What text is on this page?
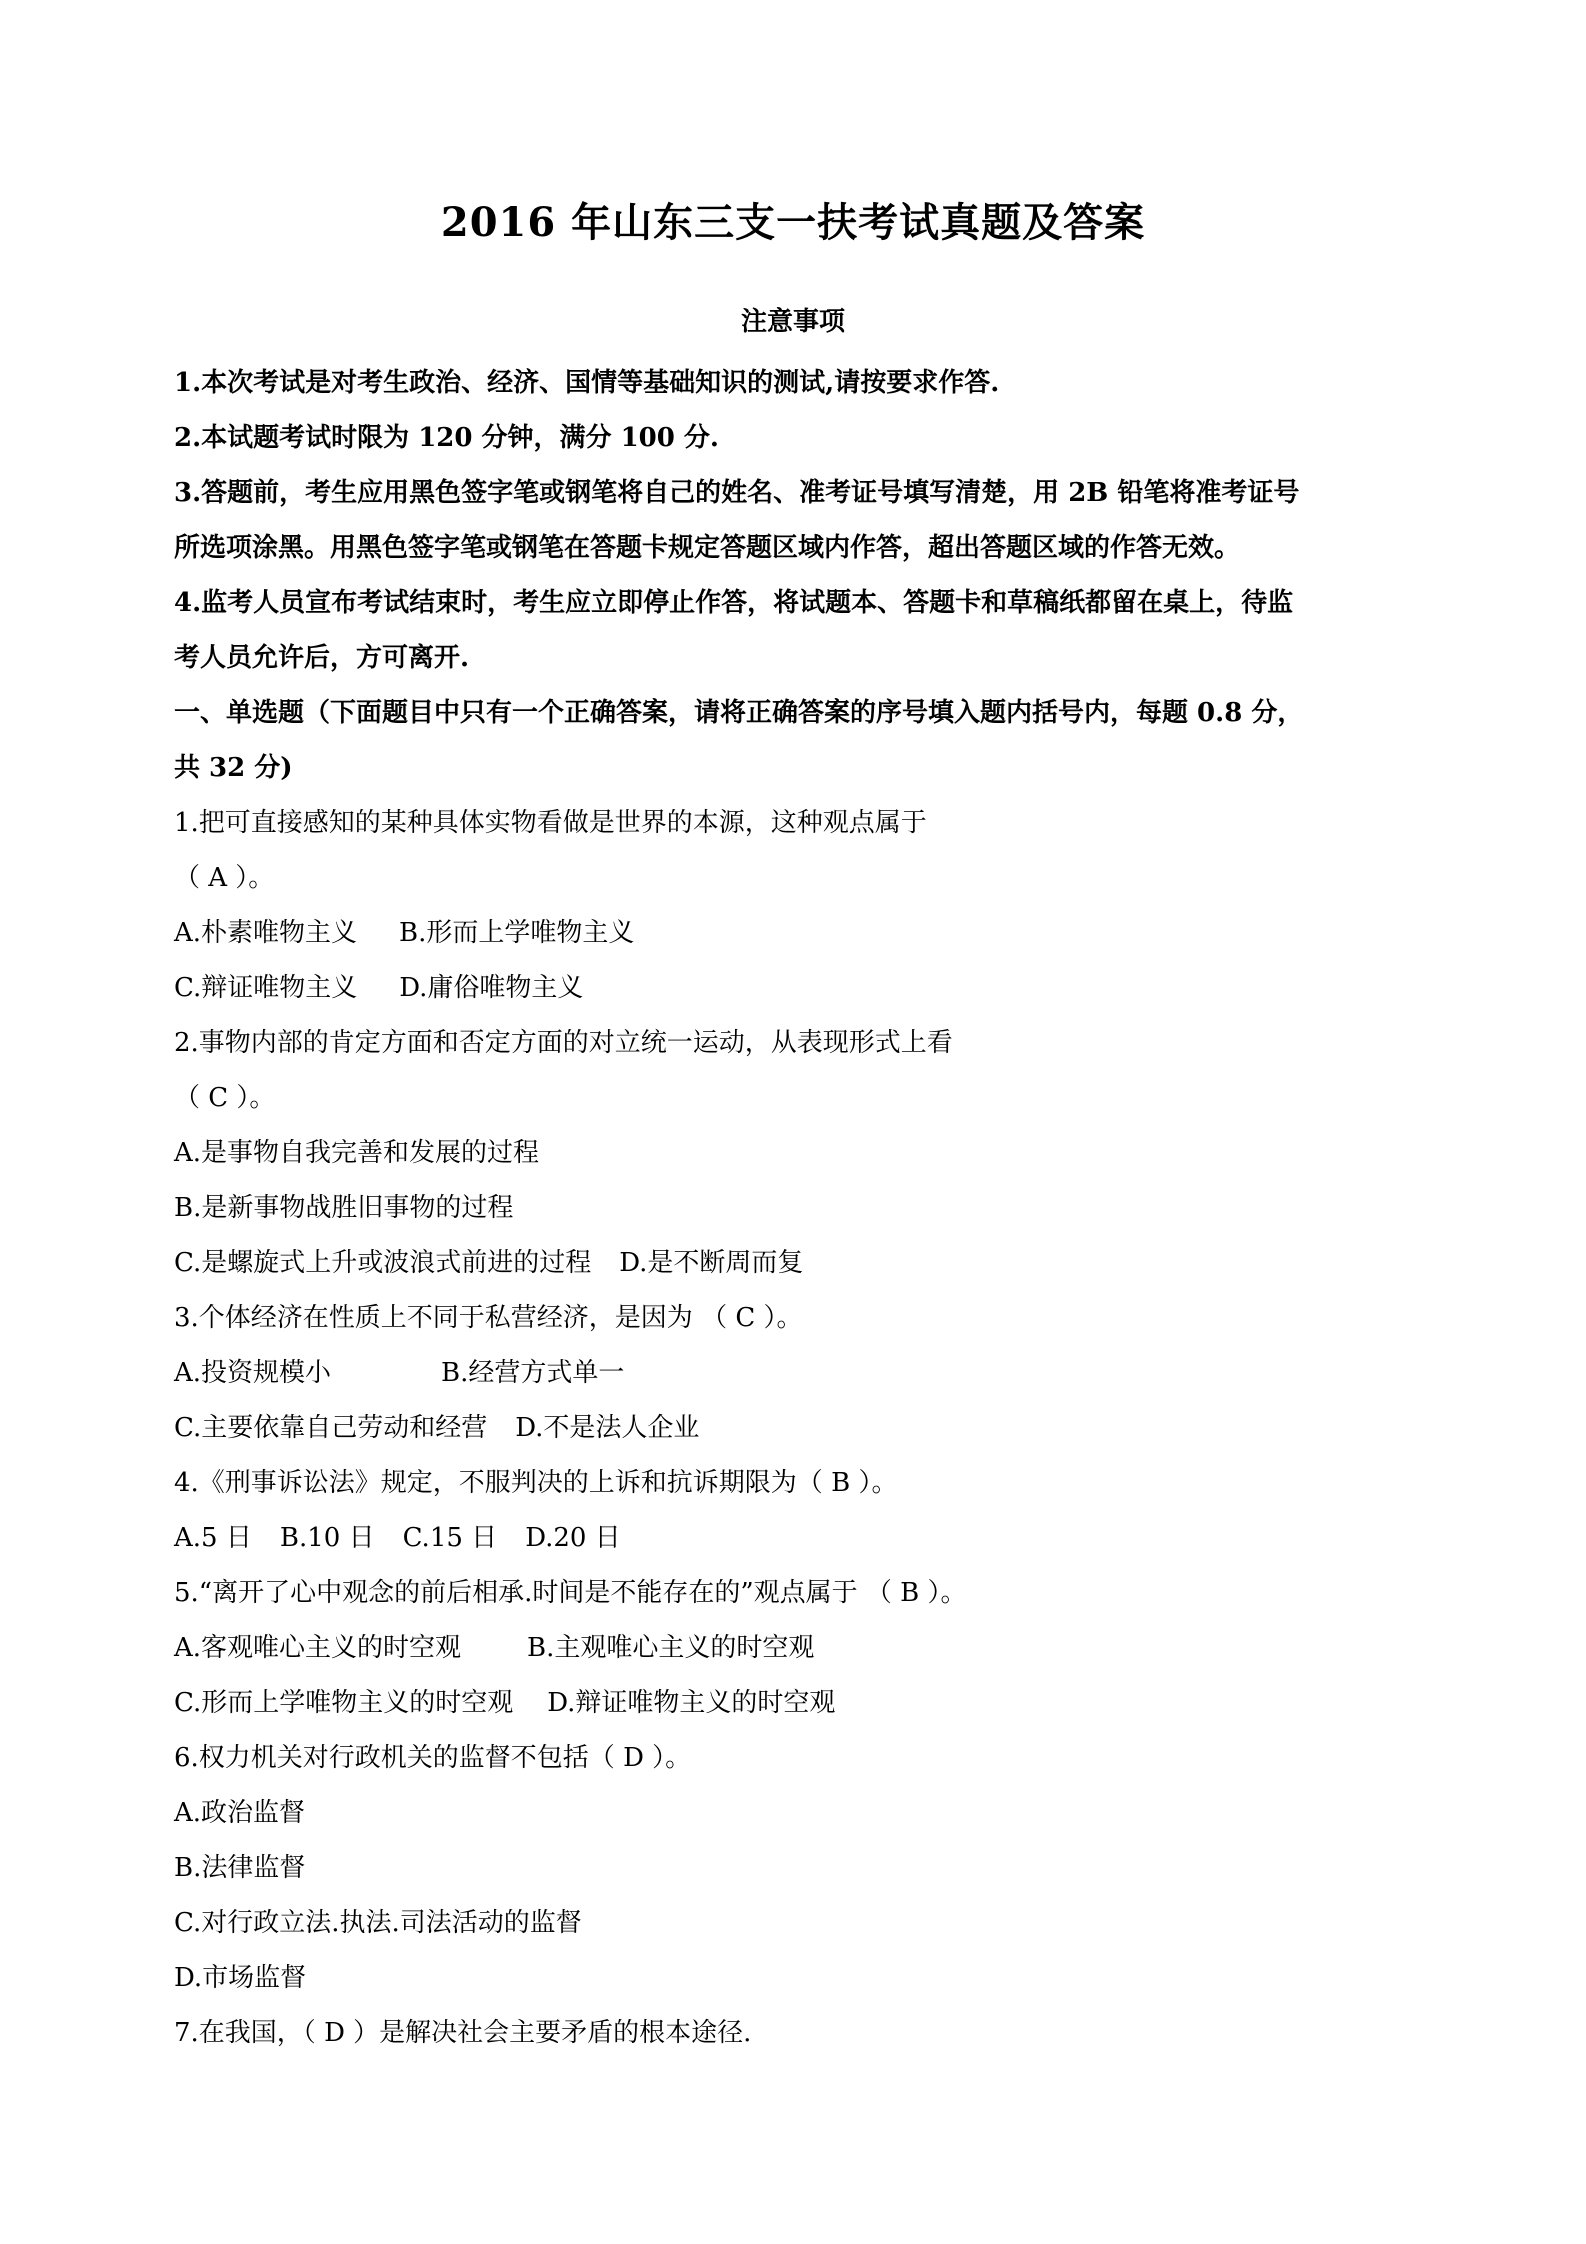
2016 年山东三支一扶考试真题及答案
注意事项
1.本次考试是对考生政治、经济、国情等基础知识的测试,请按要求作答.
2.本试题考试时限为 120 分钟，满分 100 分.
3.答题前，考生应用黑色签字笔或钢笔将自己的姓名、准考证号填写清楚，用 2B 铅笔将准考证号
所选项涂黑。用黑色签字笔或钢笔在答题卡规定答题区域内作答，超出答题区域的作答无效。
4.监考人员宣布考试结束时，考生应立即停止作答，将试题本、答题卡和草稿纸都留在桌上，待监
考人员允许后，方可离开.
一、单选题（下面题目中只有一个正确答案，请将正确答案的序号填入题内括号内，每题 0.8 分，
共 32 分)
1.把可直接感知的某种具体实物看做是世界的本源，这种观点属于
（ A ）。
A.朴素唯物主义 B.形而上学唯物主义
C.辩证唯物主义 D.庸俗唯物主义
2.事物内部的肯定方面和否定方面的对立统一运动，从表现形式上看
（ C ）。
A.是事物自我完善和发展的过程
B.是新事物战胜旧事物的过程
C.是螺旋式上升或波浪式前进的过程 D.是不断周而复
3.个体经济在性质上不同于私营经济，是因为 （ C ）。
A.投资规模小	B.经营方式单一
C.主要依靠自己劳动和经营 D.不是法人企业
4.《刑事诉讼法》规定，不服判决的上诉和抗诉期限为（ B ）。
A.5 日 B.10 日 C.15 日 D.20 日
5.“离开了心中观念的前后相承.时间是不能存在的”观点属于 （ B ）。
A.客观唯心主义的时空观	B.主观唯心主义的时空观
C.形而上学唯物主义的时空观 D.辩证唯物主义的时空观
6.权力机关对行政机关的监督不包括（ D ）。
A.政治监督
B.法律监督
C.对行政立法.执法.司法活动的监督
D.市场监督
7.在我国，（ D ）是解决社会主要矛盾的根本途径.
